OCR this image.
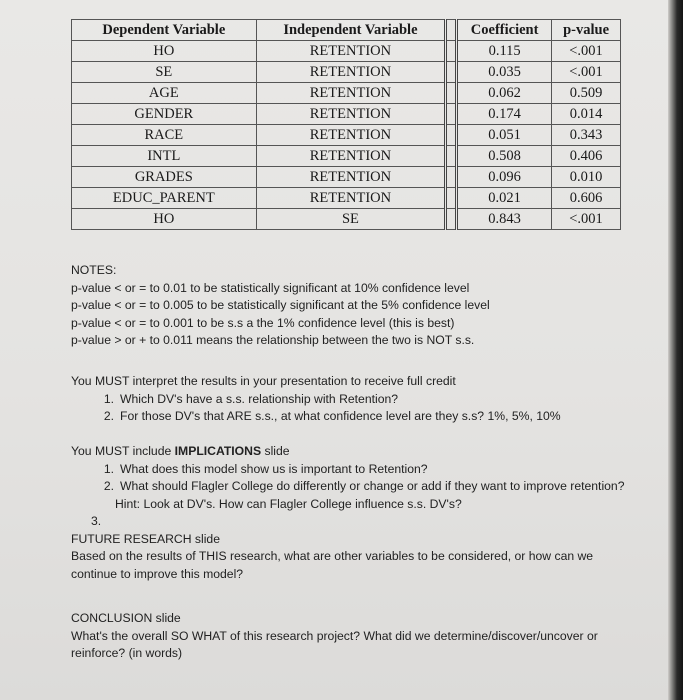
Dependent Variable	Independent Variable		Coefficient	p-value
HO	RETENTION		0.115	<.001
SE	RETENTION		0.035	<.001
AGE	RETENTION		0.062	0.509
GENDER	RETENTION		0.174	0.014
RACE	RETENTION		0.051	0.343
INTL	RETENTION		0.508	0.406
GRADES	RETENTION		0.096	0.010
EDUC_PARENT	RETENTION		0.021	0.606
HO	SE		0.843	<.001

NOTES:

p-value < or = to 0.01 to be statistically significant at 10% confidence level

p-value < or = to 0.005 to be statistically significant at the 5% confidence level

p-value < or = to 0.001 to be s.s a the 1% confidence level (this is best)

p-value > or + to 0.011 means the relationship between the two is NOT s.s.

You MUST interpret the results in your presentation to receive full credit

1. Which DV's have a s.s. relationship with Retention?
2. For those DV's that ARE s.s., at what confidence level are they s.s? 1%, 5%, 10%

You MUST include IMPLICATIONS slide

1. What does this model show us is important to Retention?
2. What should Flagler College do differently or change or add if they want to improve retention?

Hint: Look at DV's. How can Flagler College influence s.s. DV's?

3.

FUTURE RESEARCH slide

Based on the results of THIS research, what are other variables to be considered, or how can we continue to improve this model?

CONCLUSION slide

What's the overall SO WHAT of this research project? What did we determine/discover/uncover or reinforce? (in words)
